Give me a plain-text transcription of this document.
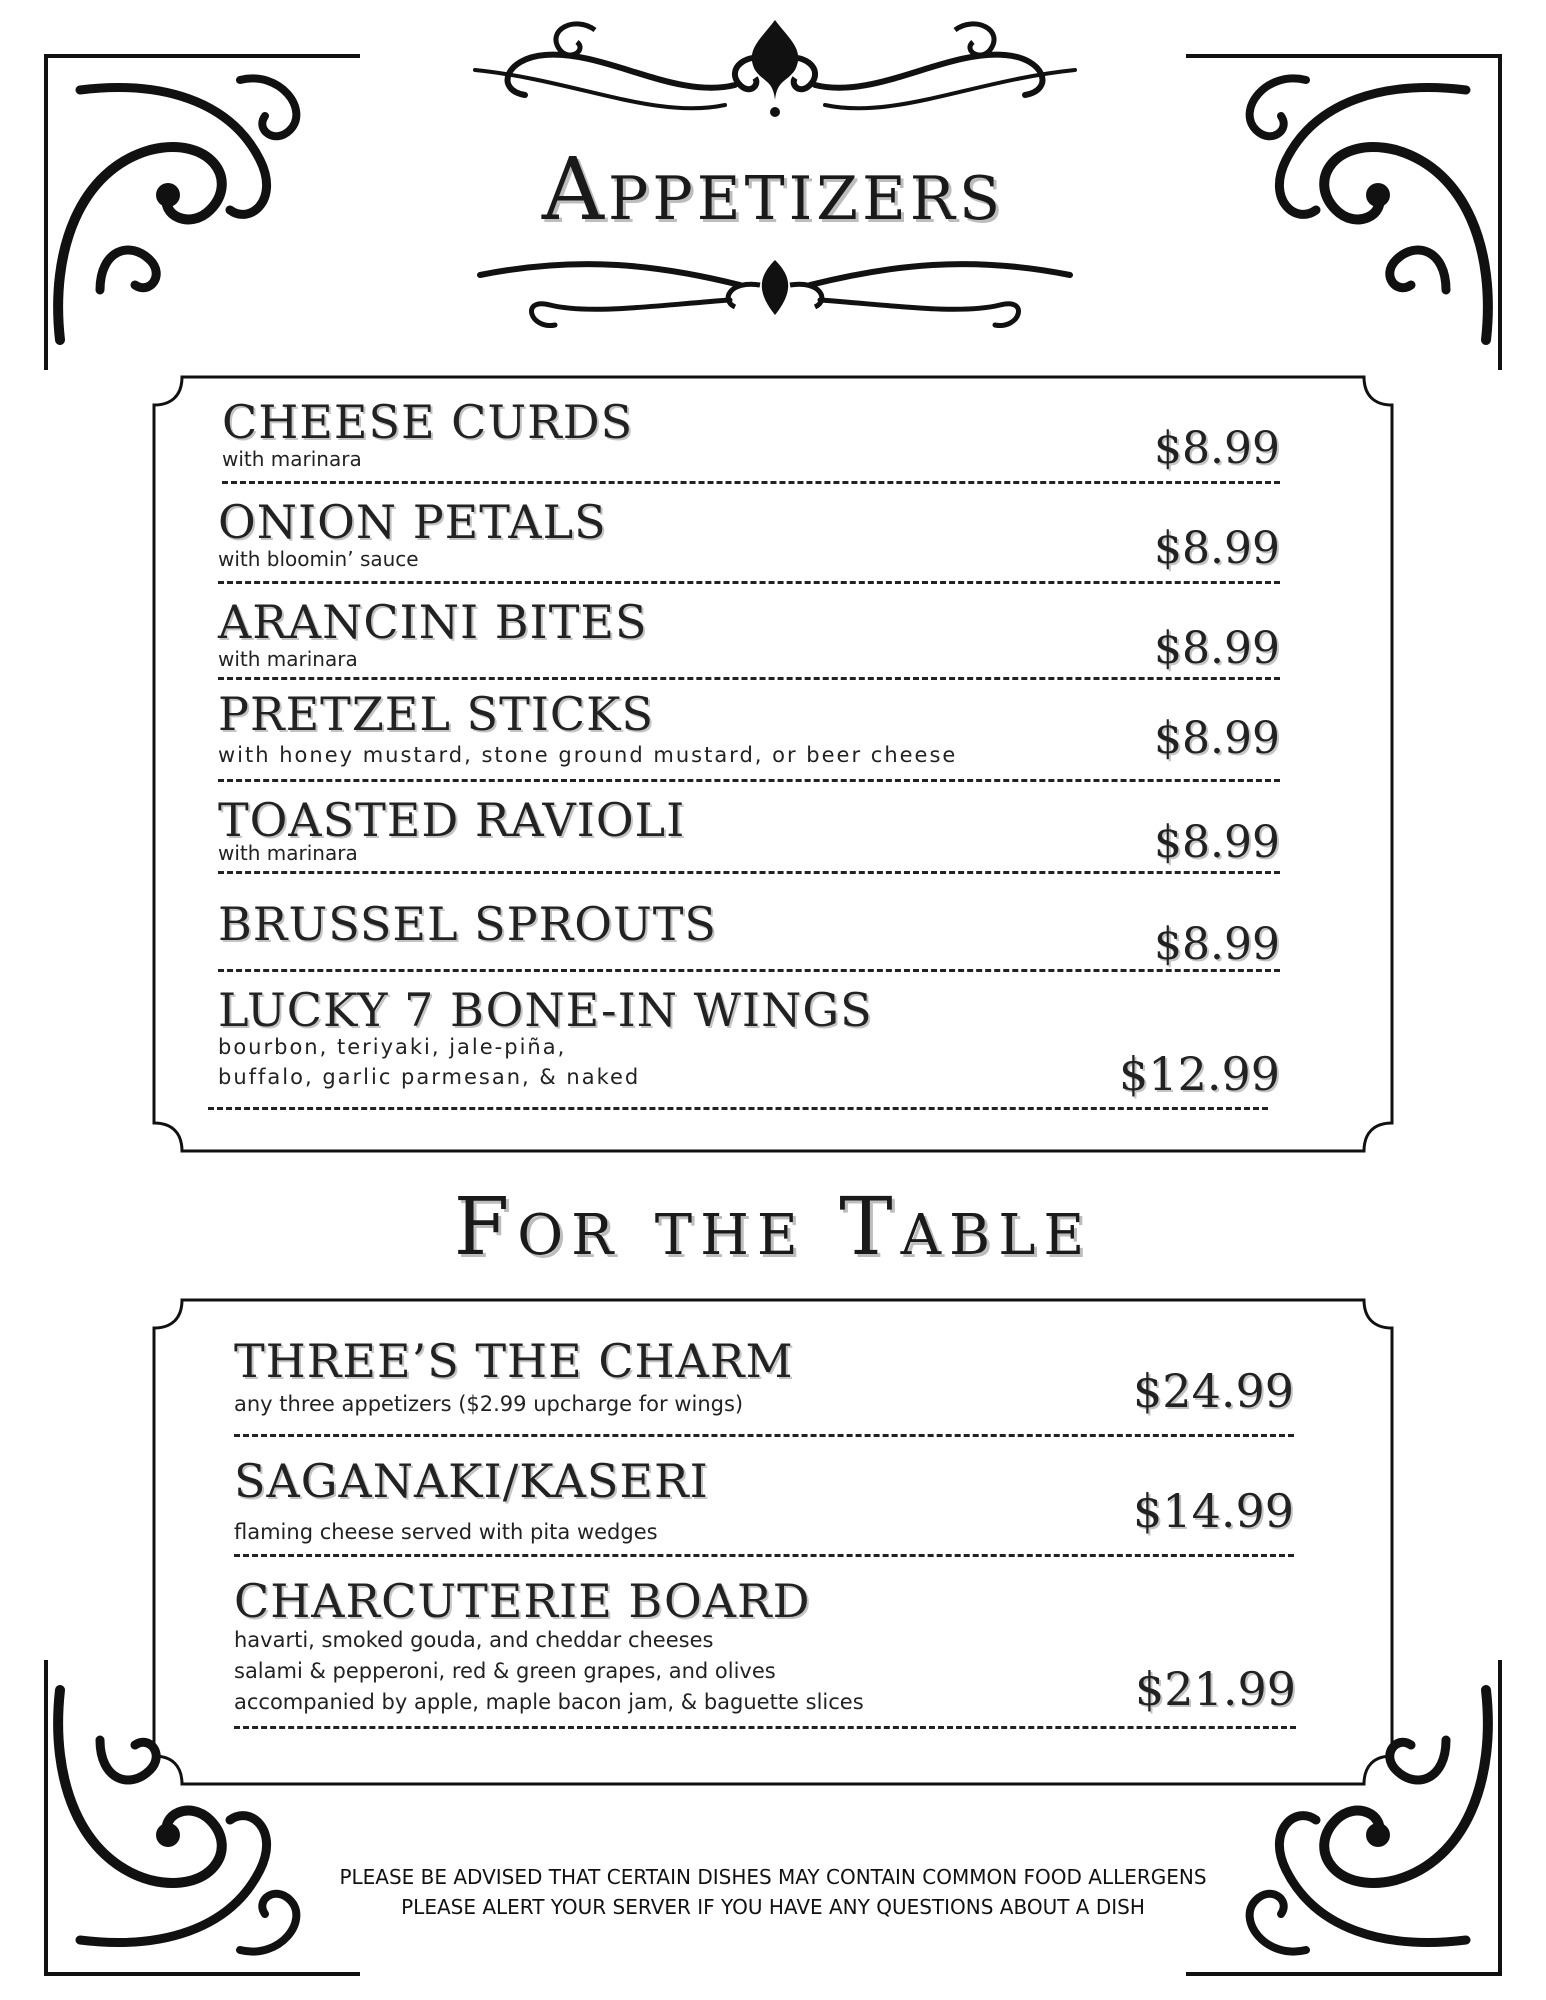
Appetizers
CHEESE CURDS
with marinara	$8.99
ONION PETALS
with bloomin’ sauce	$8.99
ARANCINI BITES
with marinara	$8.99
PRETZEL STICKS
with honey mustard, stone ground mustard, or beer cheese	$8.99
TOASTED RAVIOLI
with marinara	$8.99
BRUSSEL SPROUTS	$8.99
LUCKY 7 BONE-IN WINGS
bourbon, teriyaki, jale-piña,
buffalo, garlic parmesan, & naked	$12.99
For the Table
THREE’S THE CHARM
any three appetizers ($2.99 upcharge for wings)	$24.99
SAGANAKI/KASERI
flaming cheese served with pita wedges	$14.99
CHARCUTERIE BOARD
havarti, smoked gouda, and cheddar cheeses
salami & pepperoni, red & green grapes, and olives
accompanied by apple, maple bacon jam, & baguette slices	$21.99
PLEASE BE ADVISED THAT CERTAIN DISHES MAY CONTAIN COMMON FOOD ALLERGENS
PLEASE ALERT YOUR SERVER IF YOU HAVE ANY QUESTIONS ABOUT A DISH
